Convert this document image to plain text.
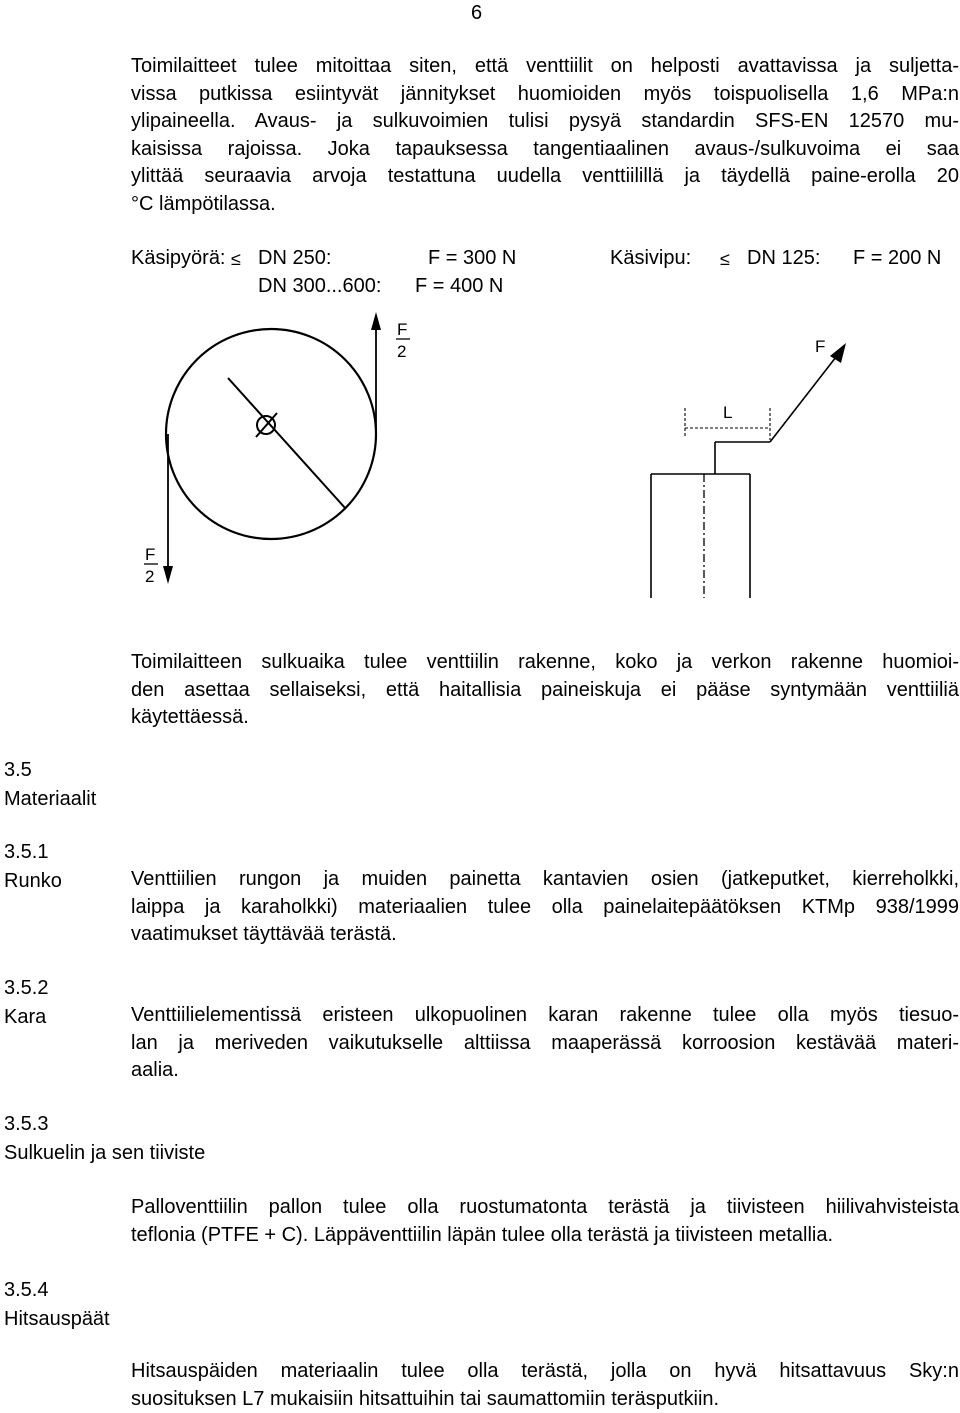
6
Toimilaitteet tulee mitoittaa siten, että venttiilit on helposti avattavissa ja suljetta-
vissa putkissa esiintyvät jännitykset huomioiden myös toispuolisella 1,6 MPa:n
ylipaineella. Avaus- ja sulkuvoimien tulisi pysyä standardin SFS-EN 12570 mu-
kaisissa rajoissa. Joka tapauksessa tangentiaalinen avaus-/sulkuvoima ei saa
ylittää seuraavia arvoja testattuna uudella venttiilillä ja täydellä paine-erolla 20
°C lämpötilassa.
Käsipyörä: ≤ DN 250:	F = 300 N
DN 300...600: F = 400 N
Käsivipu: ≤ DN 125: F = 200 N
F
2
F
2
F
L
Toimilaitteen sulkuaika tulee venttiilin rakenne, koko ja verkon rakenne huomioi-
den asettaa sellaiseksi, että haitallisia paineiskuja ei pääse syntymään venttiiliä
käytettäessä.
3.5
Materiaalit
3.5.1
Runko	Venttiilien rungon ja muiden painetta kantavien osien (jatkeputket, kierreholkki,
laippa ja karaholkki) materiaalien tulee olla painelaitepäätöksen KTMp 938/1999
vaatimukset täyttävää terästä.
3.5.2
Kara	Venttiilielementissä eristeen ulkopuolinen karan rakenne tulee olla myös tiesuo-
lan ja meriveden vaikutukselle alttiissa maaperässä korroosion kestävää materi-
aalia.
3.5.3
Sulkuelin ja sen tiiviste
Palloventtiilin pallon tulee olla ruostumatonta terästä ja tiivisteen hiilivahvisteista
teflonia (PTFE + C). Läppäventtiilin läpän tulee olla terästä ja tiivisteen metallia.
3.5.4
Hitsauspäät
Hitsauspäiden materiaalin tulee olla terästä, jolla on hyvä hitsattavuus Sky:n
suosituksen L7 mukaisiin hitsattuihin tai saumattomiin teräsputkiin.
